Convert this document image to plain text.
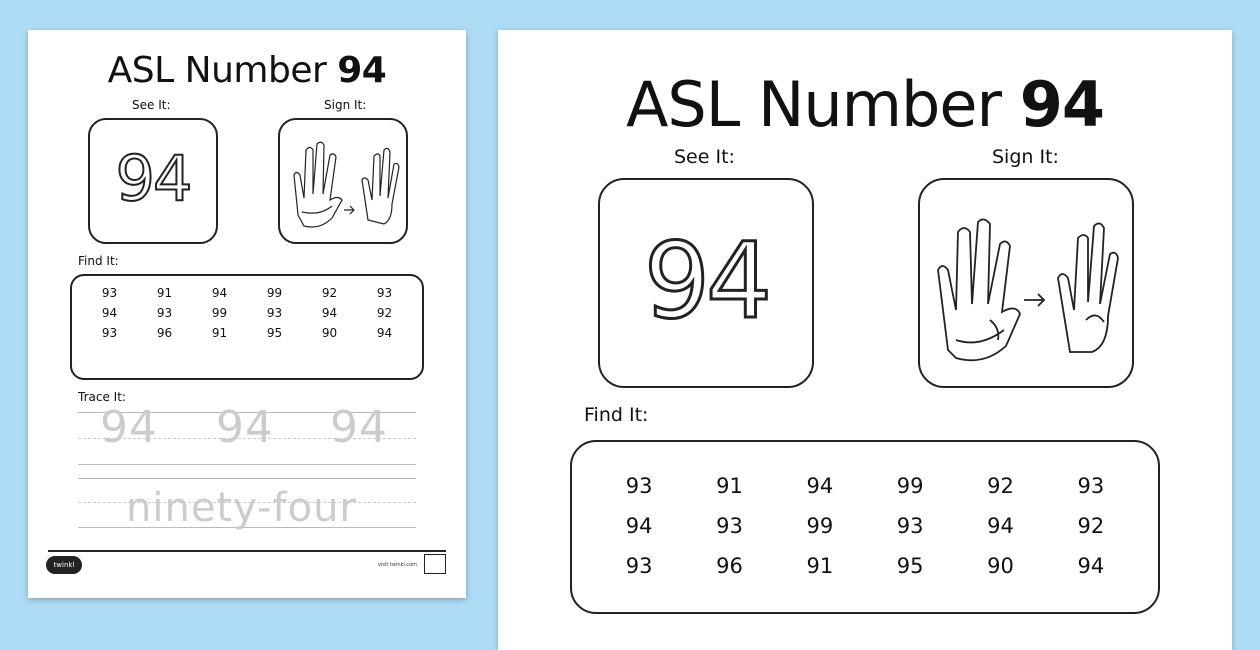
ASL Number 94
See It:	Sign It:
94
Find It:
93	91	94	99	92	93
94	93	99	93	94	92
93	96	91	95	90	94
Trace It:
94 94 94
ninety-four
twinkl	visit twinkl.com
ASL Number 94
See It:	Sign It:
94
Find It:
93	91	94	99	92	93
94	93	99	93	94	92
93	96	91	95	90	94
